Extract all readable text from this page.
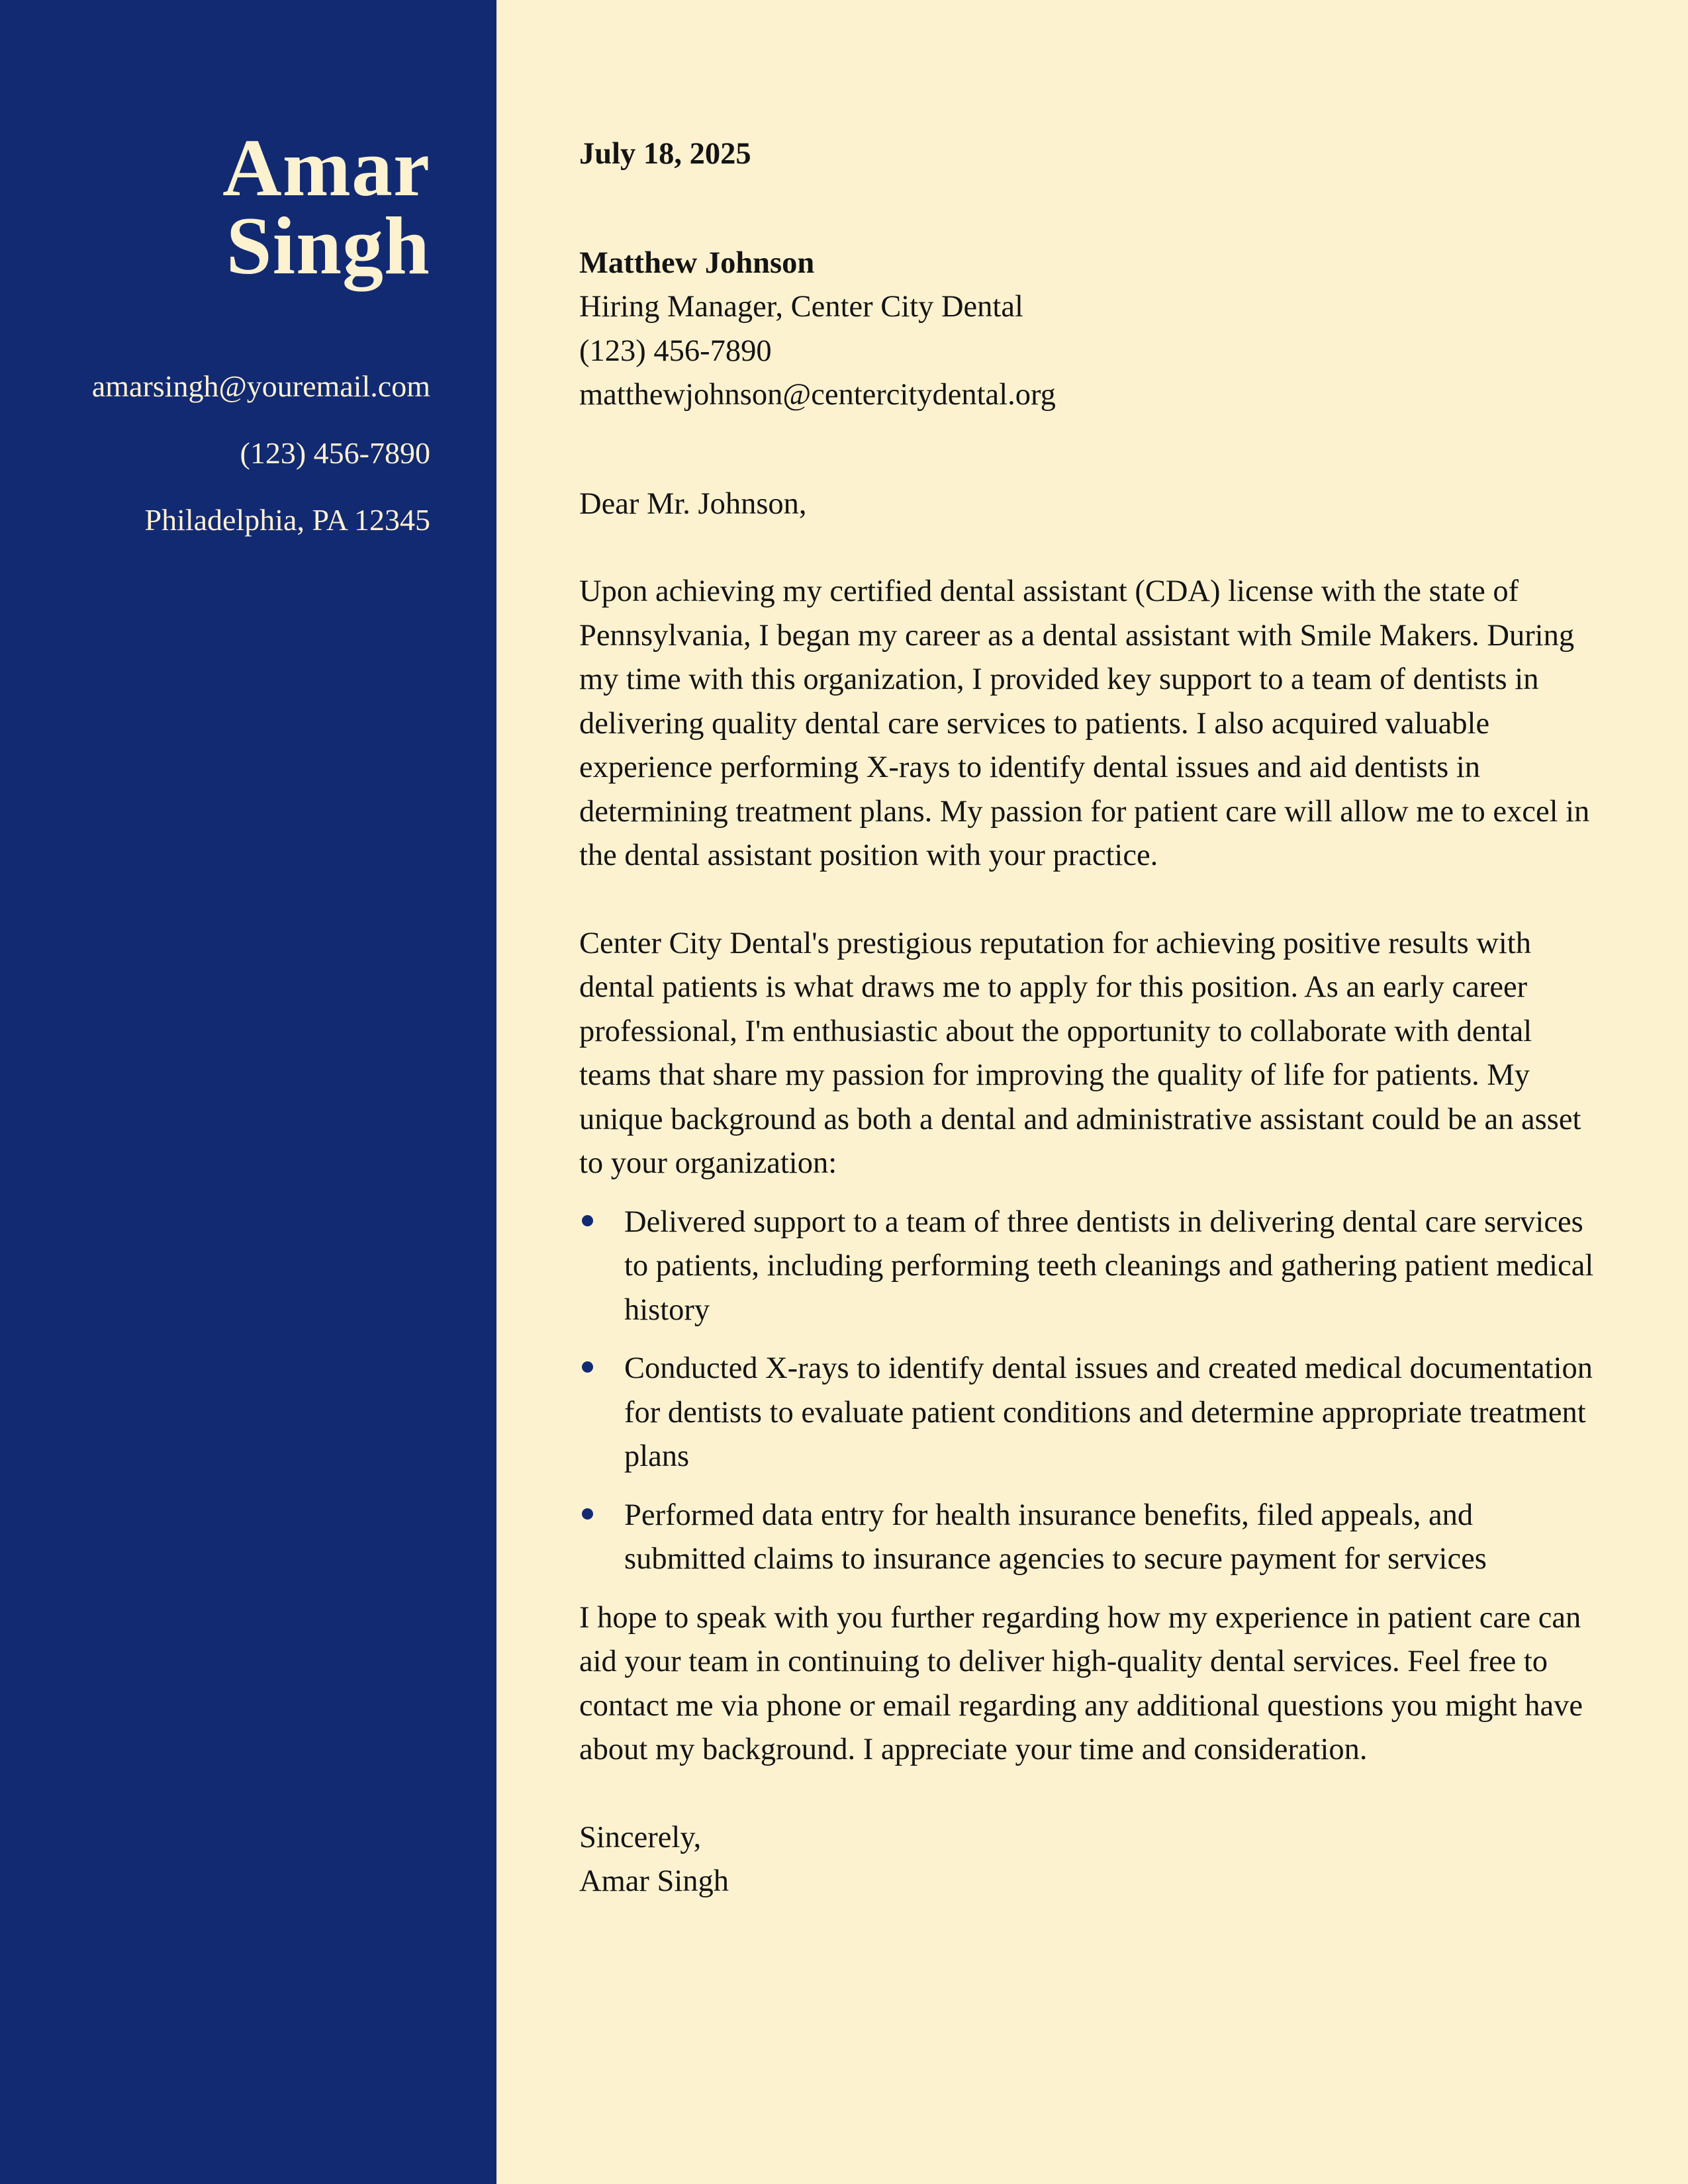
Amar
Singh
amarsingh@youremail.com
(123) 456-7890
Philadelphia, PA 12345
July 18, 2025
Matthew Johnson
Hiring Manager, Center City Dental
(123) 456-7890
matthewjohnson@centercitydental.org
Dear Mr. Johnson,

Upon achieving my certified dental assistant (CDA) license with the state of Pennsylvania, I began my career as a dental assistant with Smile Makers. During my time with this organization, I provided key support to a team of dentists in delivering quality dental care services to patients. I also acquired valuable experience performing X-rays to identify dental issues and aid dentists in determining treatment plans. My passion for patient care will allow me to excel in the dental assistant position with your practice.

Center City Dental's prestigious reputation for achieving positive results with dental patients is what draws me to apply for this position. As an early career professional, I'm enthusiastic about the opportunity to collaborate with dental teams that share my passion for improving the quality of life for patients. My unique background as both a dental and administrative assistant could be an asset to your organization:

Delivered support to a team of three dentists in delivering dental care services to patients, including performing teeth cleanings and gathering patient medical history
Conducted X-rays to identify dental issues and created medical documentation for dentists to evaluate patient conditions and determine appropriate treatment plans
Performed data entry for health insurance benefits, filed appeals, and submitted claims to insurance agencies to secure payment for services

I hope to speak with you further regarding how my experience in patient care can aid your team in continuing to deliver high-quality dental services. Feel free to contact me via phone or email regarding any additional questions you might have about my background. I appreciate your time and consideration.

Sincerely,
Amar Singh
